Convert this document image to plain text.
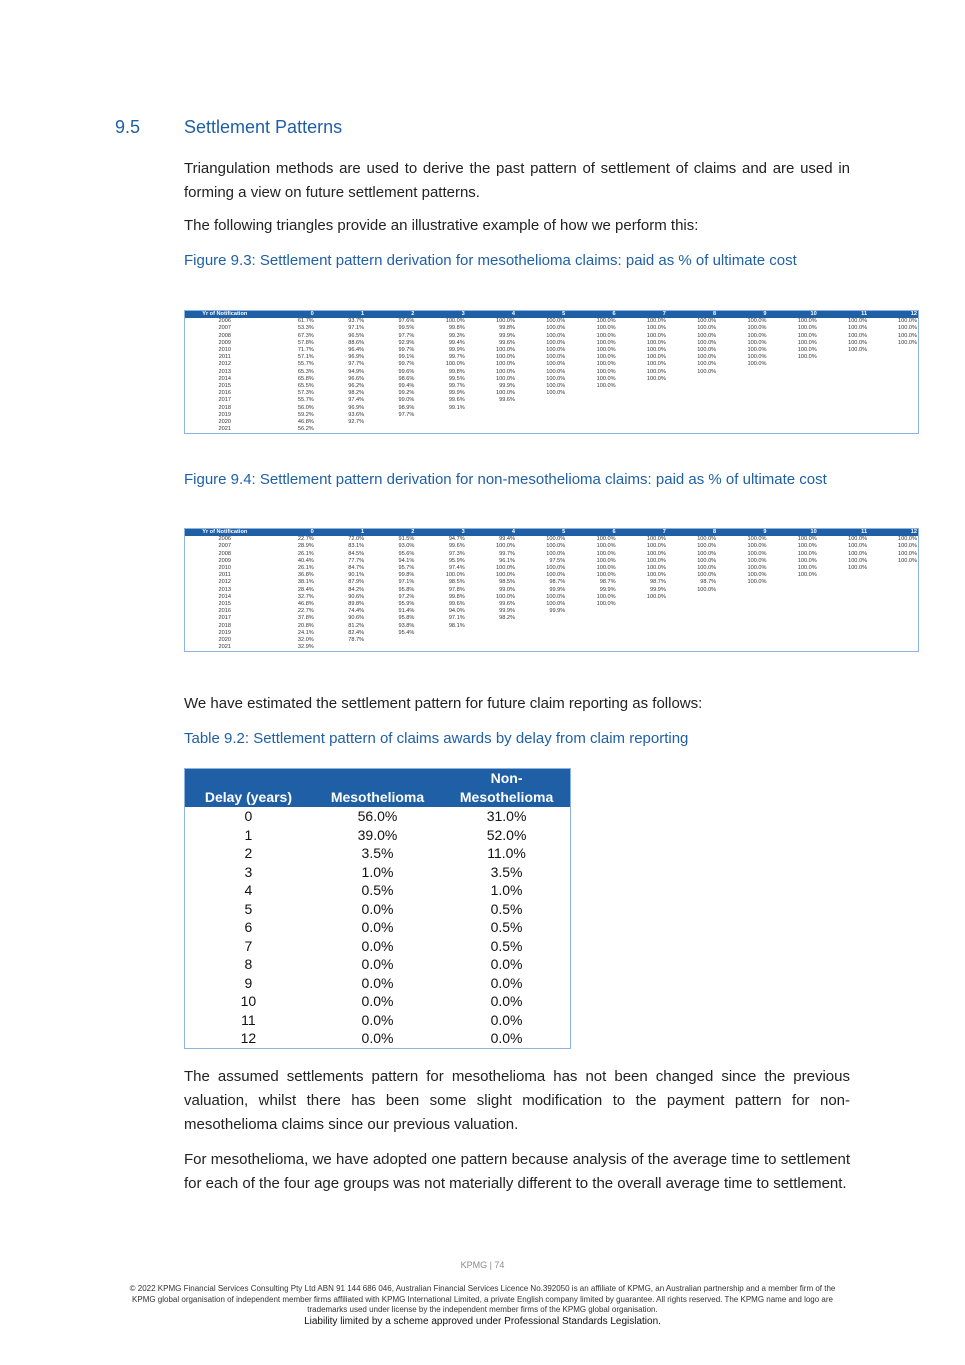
9.5 Settlement Patterns

Triangulation methods are used to derive the past pattern of settlement of claims and are used in forming a view on future settlement patterns.

The following triangles provide an illustrative example of how we perform this:

Figure 9.3: Settlement pattern derivation for mesothelioma claims: paid as % of ultimate cost

Yr of Notification	0	1	2	3	4	5	6	7	8	9	10	11	12
2006	61.7%	93.7%	97.6%	100.0%	100.0%	100.0%	100.0%	100.0%	100.0%	100.0%	100.0%	100.0%	100.0%
2007	53.3%	97.1%	99.5%	99.8%	99.8%	100.0%	100.0%	100.0%	100.0%	100.0%	100.0%	100.0%	100.0%
2008	67.3%	96.5%	97.7%	99.3%	99.9%	100.0%	100.0%	100.0%	100.0%	100.0%	100.0%	100.0%	100.0%
2009	57.8%	88.6%	92.9%	99.4%	99.6%	100.0%	100.0%	100.0%	100.0%	100.0%	100.0%	100.0%	100.0%
2010	71.7%	96.4%	99.7%	99.9%	100.0%	100.0%	100.0%	100.0%	100.0%	100.0%	100.0%	100.0%	
2011	57.1%	96.9%	99.1%	99.7%	100.0%	100.0%	100.0%	100.0%	100.0%	100.0%	100.0%		
2012	55.7%	97.7%	99.7%	100.0%	100.0%	100.0%	100.0%	100.0%	100.0%	100.0%			
2013	65.3%	94.9%	99.6%	99.8%	100.0%	100.0%	100.0%	100.0%	100.0%				
2014	65.8%	96.6%	98.6%	99.5%	100.0%	100.0%	100.0%	100.0%					
2015	65.5%	96.2%	99.4%	99.7%	99.9%	100.0%	100.0%						
2016	57.3%	98.2%	99.2%	99.9%	100.0%	100.0%							
2017	55.7%	97.4%	99.0%	99.6%	99.6%								
2018	56.0%	96.9%	98.9%	99.1%									
2019	59.2%	93.6%	97.7%										
2020	46.8%	92.7%											
2021	56.2%												

Figure 9.4: Settlement pattern derivation for non-mesothelioma claims: paid as % of ultimate cost

Yr of Notification	0	1	2	3	4	5	6	7	8	9	10	11	12
2006	22.7%	72.0%	91.5%	94.7%	99.4%	100.0%	100.0%	100.0%	100.0%	100.0%	100.0%	100.0%	100.0%
2007	28.9%	83.1%	93.0%	99.6%	100.0%	100.0%	100.0%	100.0%	100.0%	100.0%	100.0%	100.0%	100.0%
2008	26.1%	84.5%	95.6%	97.3%	99.7%	100.0%	100.0%	100.0%	100.0%	100.0%	100.0%	100.0%	100.0%
2009	40.4%	77.7%	94.1%	95.9%	96.1%	97.5%	100.0%	100.0%	100.0%	100.0%	100.0%	100.0%	100.0%
2010	26.1%	84.7%	95.7%	97.4%	100.0%	100.0%	100.0%	100.0%	100.0%	100.0%	100.0%	100.0%	
2011	36.8%	90.1%	99.8%	100.0%	100.0%	100.0%	100.0%	100.0%	100.0%	100.0%	100.0%		
2012	38.1%	87.9%	97.1%	98.5%	98.5%	98.7%	98.7%	98.7%	98.7%	100.0%			
2013	28.4%	84.2%	95.8%	97.8%	99.0%	99.9%	99.9%	99.9%	100.0%				
2014	32.7%	90.6%	97.2%	99.8%	100.0%	100.0%	100.0%	100.0%					
2015	46.8%	89.8%	95.9%	99.6%	99.6%	100.0%	100.0%						
2016	22.7%	74.4%	91.4%	94.0%	99.9%	99.9%							
2017	37.8%	90.6%	95.8%	97.1%	98.2%								
2018	20.8%	81.2%	93.8%	98.1%									
2019	24.1%	82.4%	95.4%										
2020	32.0%	78.7%											
2021	32.9%												

We have estimated the settlement pattern for future claim reporting as follows:

Table 9.2: Settlement pattern of claims awards by delay from claim reporting

Delay (years)	Mesothelioma	Non-
Mesothelioma
0	56.0%	31.0%
1	39.0%	52.0%
2	3.5%	11.0%
3	1.0%	3.5%
4	0.5%	1.0%
5	0.0%	0.5%
6	0.0%	0.5%
7	0.0%	0.5%
8	0.0%	0.0%
9	0.0%	0.0%
10	0.0%	0.0%
11	0.0%	0.0%
12	0.0%	0.0%

The assumed settlements pattern for mesothelioma has not been changed since the previous valuation, whilst there has been some slight modification to the payment pattern for non-mesothelioma claims since our previous valuation.

For mesothelioma, we have adopted one pattern because analysis of the average time to settlement for each of the four age groups was not materially different to the overall average time to settlement.

KPMG | 74
© 2022 KPMG Financial Services Consulting Pty Ltd ABN 91 144 686 046, Australian Financial Services Licence No.392050 is an affiliate of KPMG, an Australian partnership and a member firm of the KPMG global organisation of independent member firms affiliated with KPMG International Limited, a private English company limited by guarantee. All rights reserved. The KPMG name and logo are trademarks used under license by the independent member firms of the KPMG global organisation.
Liability limited by a scheme approved under Professional Standards Legislation.
